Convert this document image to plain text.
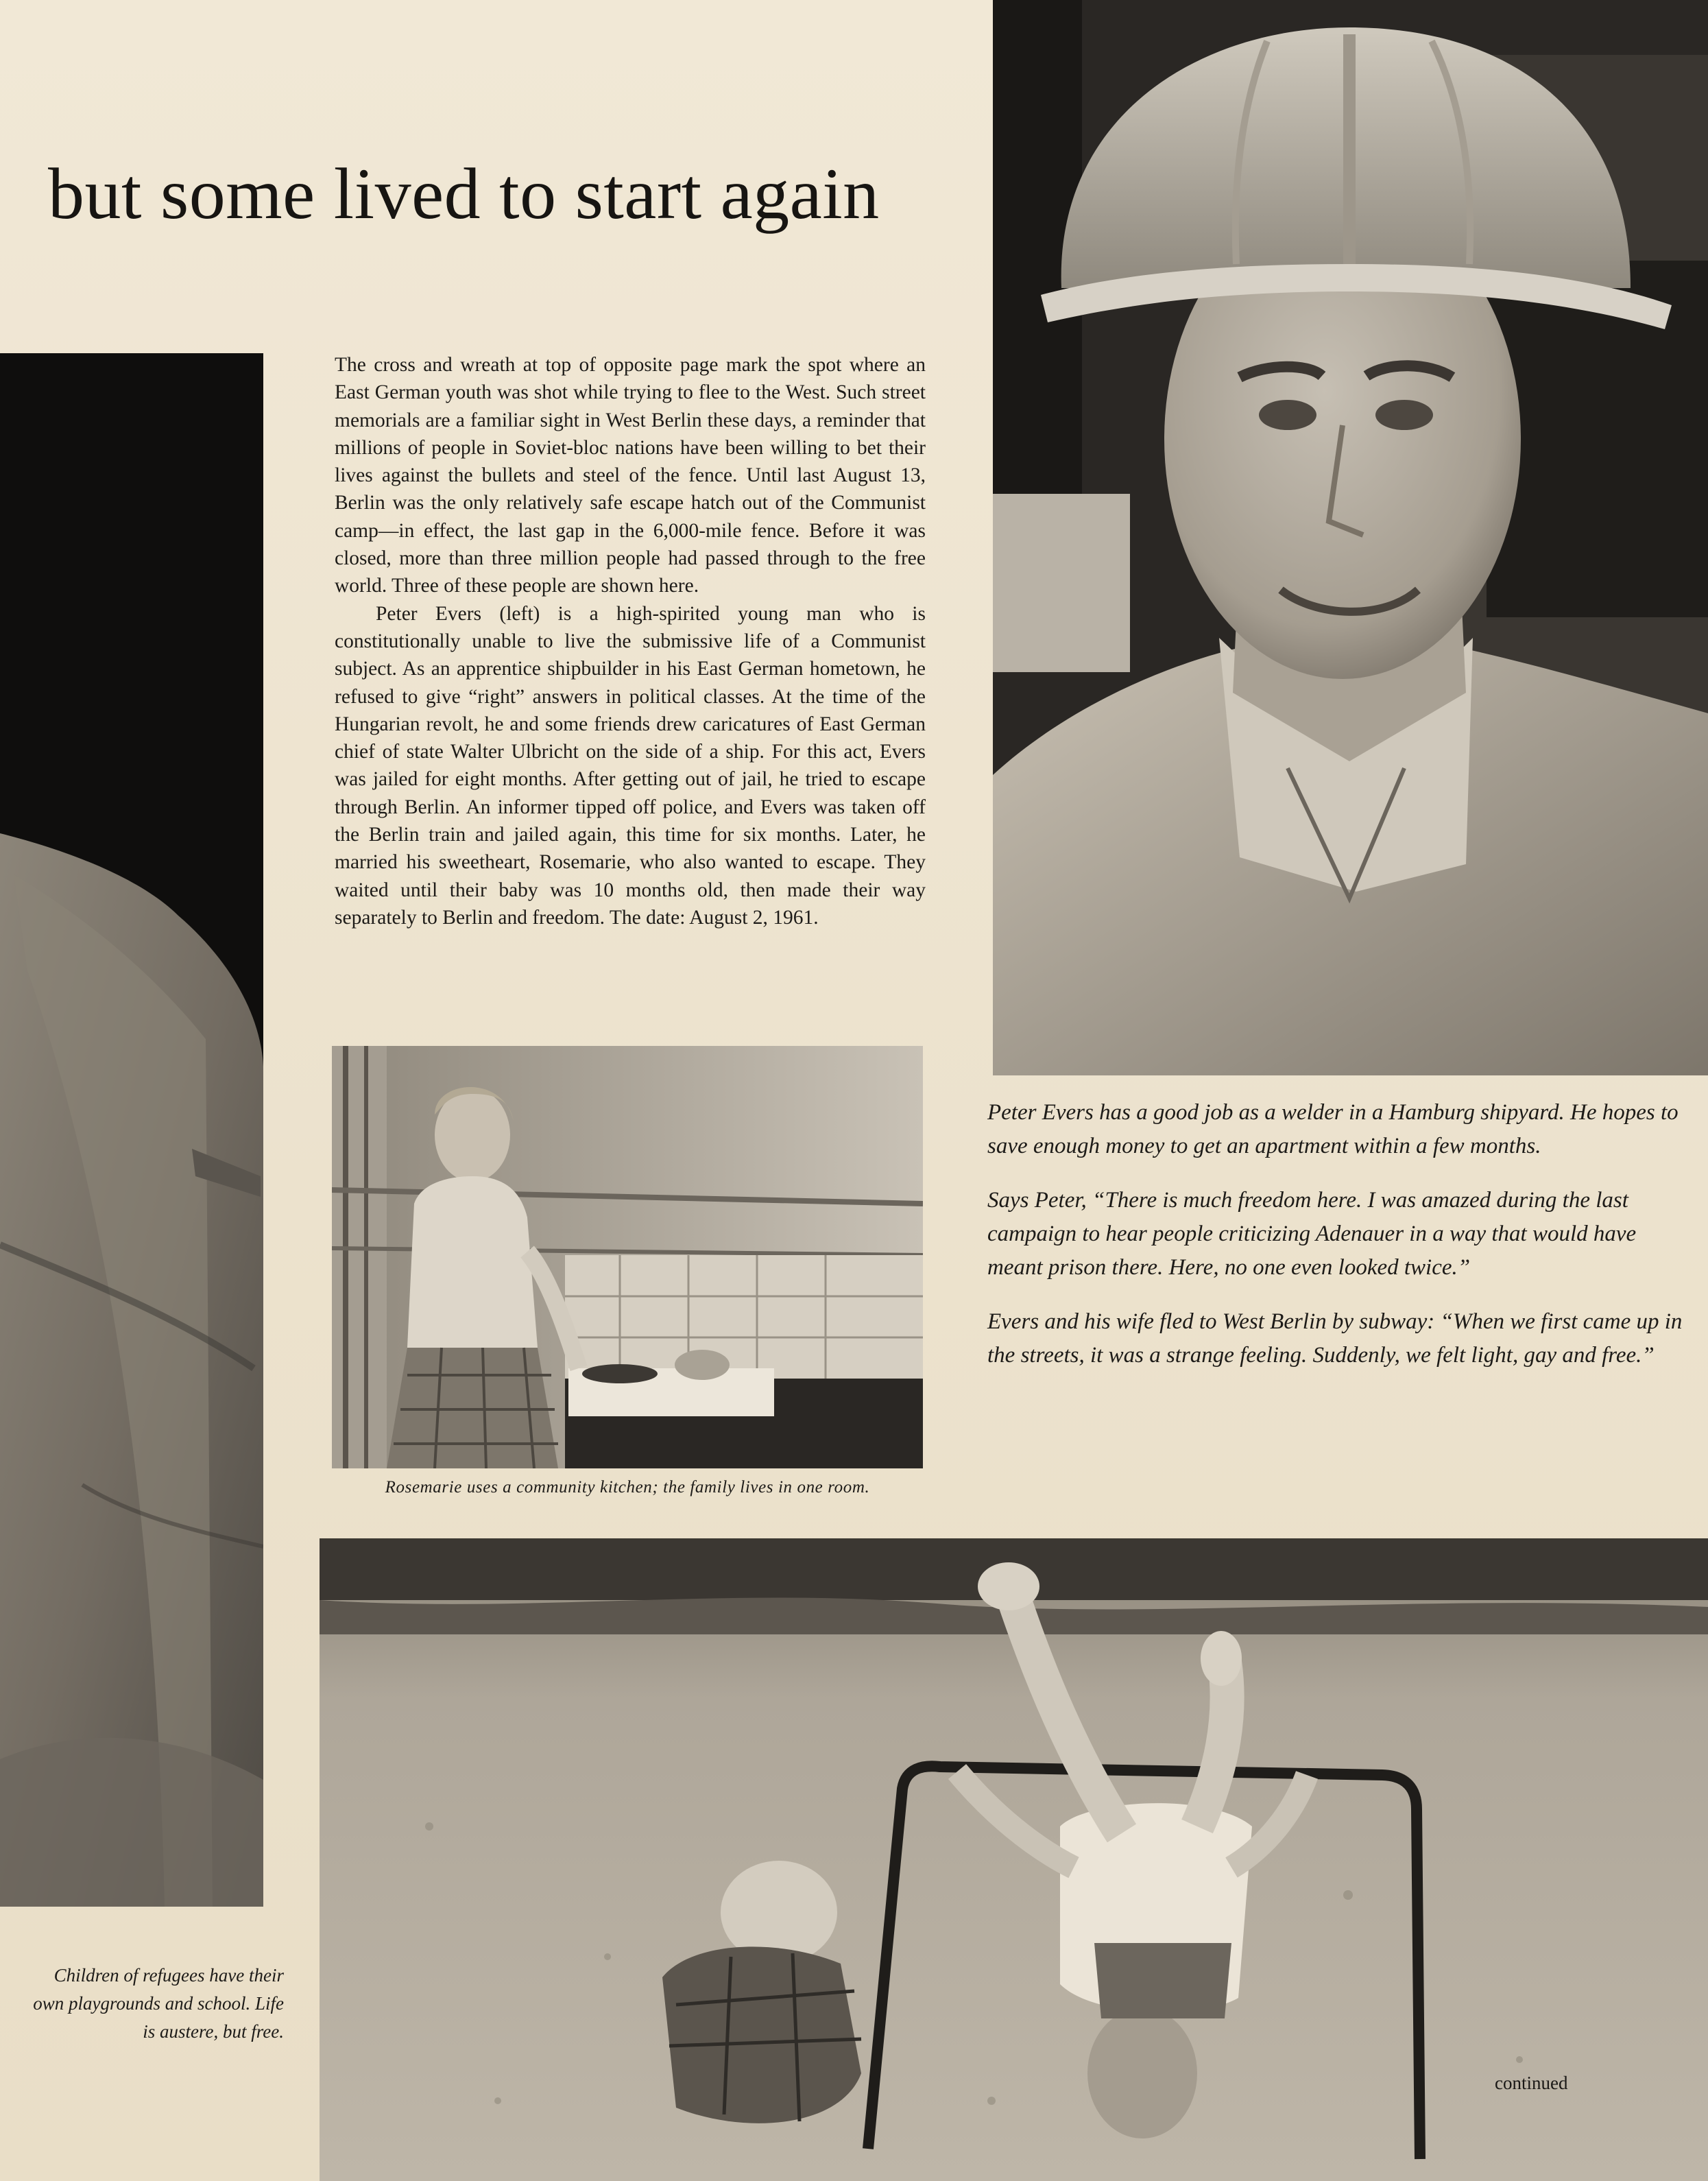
but some lived to start again

The cross and wreath at top of opposite page mark the spot where an East German youth was shot while trying to flee to the West. Such street memorials are a familiar sight in West Berlin these days, a reminder that millions of people in Soviet-bloc nations have been willing to bet their lives against the bullets and steel of the fence. Until last August 13, Berlin was the only relatively safe escape hatch out of the Communist camp—in effect, the last gap in the 6,000-mile fence. Before it was closed, more than three million people had passed through to the free world. Three of these people are shown here.

Peter Evers (left) is a high-spirited young man who is constitutionally unable to live the submissive life of a Communist subject. As an apprentice shipbuilder in his East German hometown, he refused to give “right” answers in political classes. At the time of the Hungarian revolt, he and some friends drew caricatures of East German chief of state Walter Ulbricht on the side of a ship. For this act, Evers was jailed for eight months. After getting out of jail, he tried to escape through Berlin. An informer tipped off police, and Evers was taken off the Berlin train and jailed again, this time for six months. Later, he married his sweetheart, Rosemarie, who also wanted to escape. They waited until their baby was 10 months old, then made their way separately to Berlin and freedom. The date: August 2, 1961.

Rosemarie uses a community kitchen; the family lives in one room.

Peter Evers has a good job as a welder in a Hamburg shipyard. He hopes to save enough money to get an apartment within a few months.

Says Peter, “There is much freedom here. I was amazed during the last campaign to hear people criticizing Adenauer in a way that would have meant prison there. Here, no one even looked twice.”

Evers and his wife fled to West Berlin by subway: “When we first came up in the streets, it was a strange feeling. Suddenly, we felt light, gay and free.”

Children of refugees have their own playgrounds and school. Life is austere, but free.
continued
